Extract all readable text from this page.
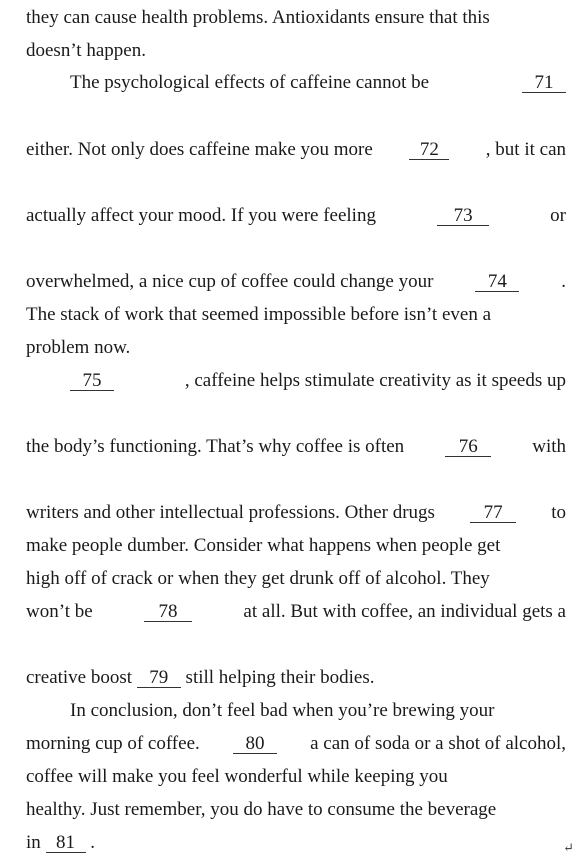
they can cause health problems. Antioxidants ensure that this
doesn’t happen.
The psychological effects of caffeine cannot be	71
either. Not only does caffeine make you more	72	, but it can
actually affect your mood. If you were feeling	73	or
overwhelmed, a nice cup of coffee could change your	74	.
The stack of work that seemed impossible before isn’t even a
problem now.
75	, caffeine helps stimulate creativity as it speeds up
the body’s functioning. That’s why coffee is often	76	with
writers and other intellectual professions. Other drugs	77	to
make people dumber. Consider what happens when people get
high off of crack or when they get drunk off of alcohol. They
won’t be	78	at all. But with coffee, an individual gets a
creative boost
79
still helping their bodies.
In conclusion, don’t feel bad when you’re brewing your
morning cup of coffee.	80	a can of soda or a shot of alcohol,
coffee will make you feel wonderful while keeping you
healthy. Just remember, you do have to consume the beverage
in
81
.	↵
